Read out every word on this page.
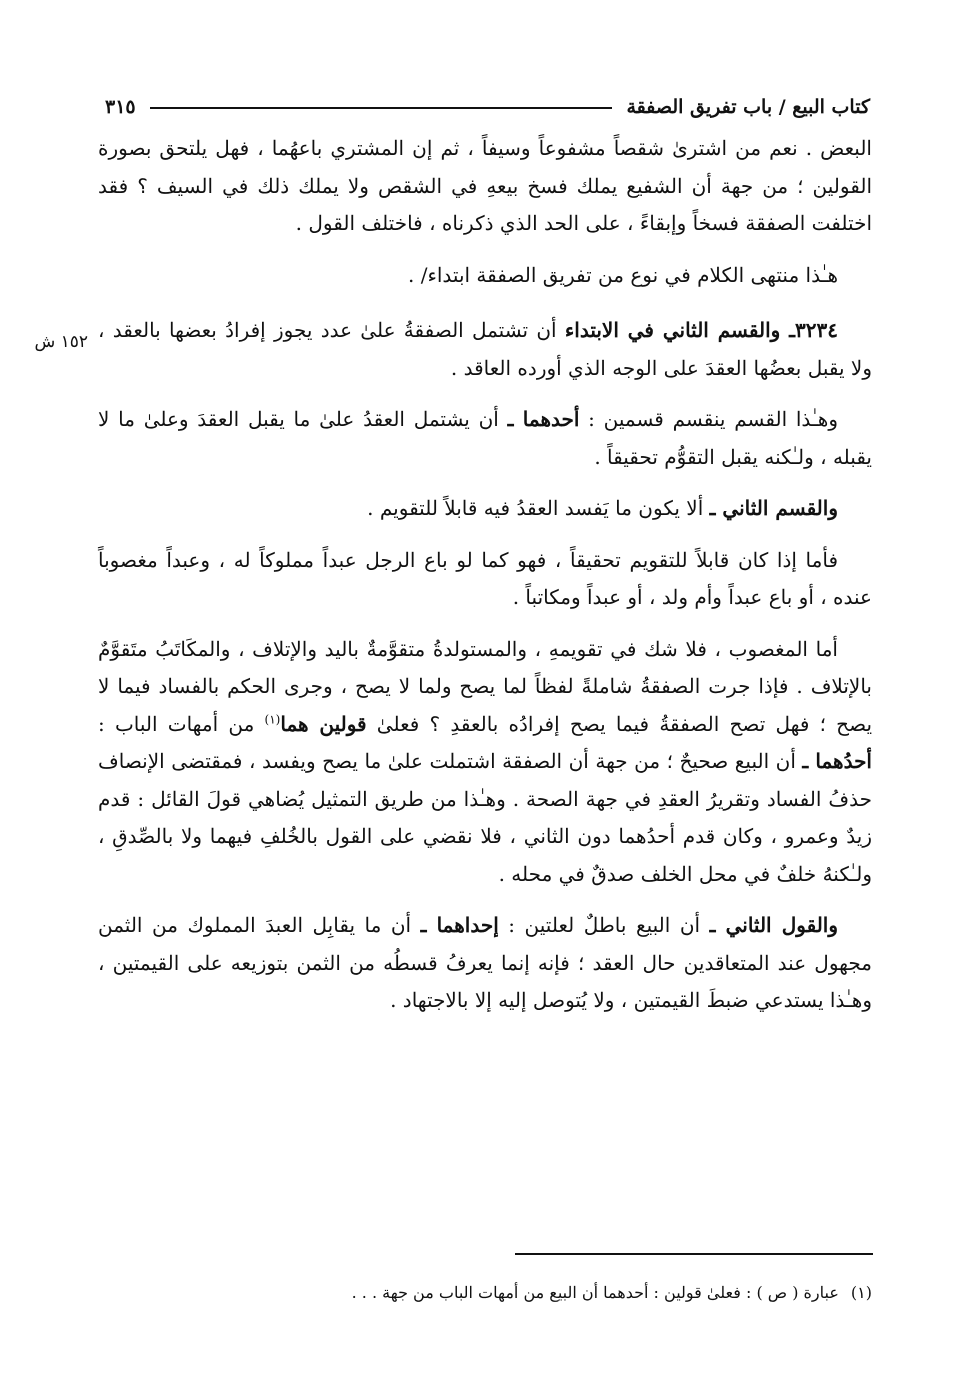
كتاب البيع / باب تفريق الصفقة
٣١٥
١٥٢ ش

البعض . نعم من اشترىٰ شقصاً مشفوعاً وسيفاً ، ثم إن المشتري باعهُما ، فهل يلتحق بصورة القولين ؛ من جهة أن الشفيع يملك فسخ بيعهِ في الشقص ولا يملك ذلك في السيف ؟ فقد اختلفت الصفقة فسخاً وإبقاءً ، على الحد الذي ذكرناه ، فاختلف القول .

هـٰذا منتهى الكلام في نوع من تفريق الصفقة ابتداء/ .

٣٢٣٤ـ والقسم الثاني في الابتداء أن تشتمل الصفقةُ علىٰ عدد يجوز إفرادُ بعضها بالعقد ، ولا يقبل بعضُها العقدَ على الوجه الذي أورده العاقد .

وهـٰذا القسم ينقسم قسمين : أحدهما ـ أن يشتمل العقدُ علىٰ ما يقبل العقدَ وعلىٰ ما لا يقبله ، ولـٰكنه يقبل التقوُّم تحقيقاً .

والقسم الثاني ـ ألا يكون ما يَفسد العقدُ فيه قابلاً للتقويم .

فأما إذا كان قابلاً للتقويم تحقيقاً ، فهو كما لو باع الرجل عبداً مملوكاً له ، وعبداً مغصوباً عنده ، أو باع عبداً وأم ولد ، أو عبداً ومكاتباً .

أما المغصوب ، فلا شك في تقويمهِ ، والمستولدةُ متقوَّمةٌ باليد والإتلاف ، والمكَاتَبُ متَقوَّمٌ بالإتلاف . فإذا جرت الصفقةُ شاملةً لفظاً لما يصح ولما لا يصح ، وجرى الحكم بالفساد فيما لا يصح ؛ فهل تصح الصفقةُ فيما يصح إفرادُه بالعقدِ ؟ فعلىٰ قولين هما$^{(١)}$ من أمهات الباب : أحدُهما ـ أن البيع صحيحٌ ؛ من جهة أن الصفقة اشتملت علىٰ ما يصح ويفسد ، فمقتضى الإنصاف حذفُ الفساد وتقريرُ العقدِ في جهة الصحة . وهـٰذا من طريق التمثيل يُضاهي قولَ القائل : قدم زيدٌ وعمرو ، وكان قدم أحدُهما دون الثاني ، فلا نقضي على القول بالخُلفِ فيهما ولا بالصِّدقِ ، ولـٰكنهُ خلفٌ في محل الخلف صدقٌ في محله .

والقول الثاني ـ أن البيع باطلٌ لعلتين : إحداهما ـ أن ما يقابِل العبدَ المملوك من الثمن مجهول عند المتعاقدين حال العقد ؛ فإنه إنما يعرفُ قسطُه من الثمن بتوزيعه على القيمتين ، وهـٰذا يستدعي ضبطَ القيمتين ، ولا يُتوصل إليه إلا بالاجتهاد .

(١)عبارة ( ص ) : فعلىٰ قولين : أحدهما أن البيع من أمهات الباب من جهة . . .
